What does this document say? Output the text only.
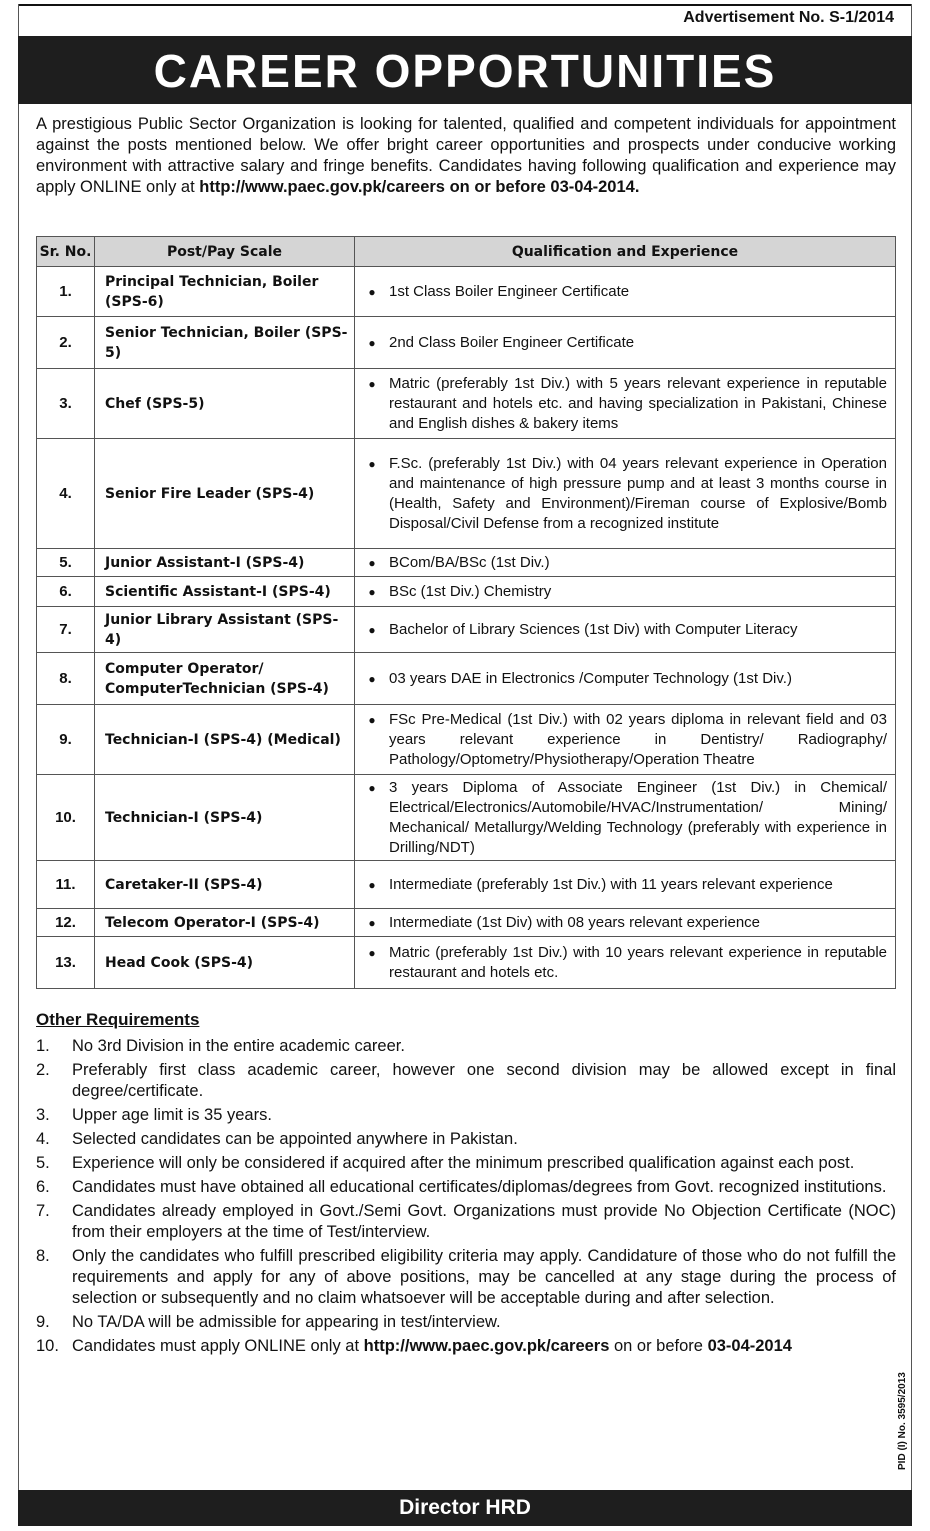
Advertisement No. S-1/2014
CAREER OPPORTUNITIES
A prestigious Public Sector Organization is looking for talented, qualified and competent individuals for appointment against the posts mentioned below. We offer bright career opportunities and prospects under conducive working environment with attractive salary and fringe benefits. Candidates having following qualification and experience may apply ONLINE only at http://www.paec.gov.pk/careers on or before 03-04-2014.
Sr. No.	Post/Pay Scale	Qualification and Experience
1.	Principal Technician, Boiler (SPS-6)	● 1st Class Boiler Engineer Certificate

2.	Senior Technician, Boiler (SPS-5)	● 2nd Class Boiler Engineer Certificate

3.	Chef (SPS-5)	● Matric (preferably 1st Div.) with 5 years relevant experience in reputable restaurant and hotels etc. and having specialization in Pakistani, Chinese and English dishes & bakery items

4.	Senior Fire Leader (SPS-4)	● F.Sc. (preferably 1st Div.) with 04 years relevant experience in Operation and maintenance of high pressure pump and at least 3 months course in (Health, Safety and Environment)/Fireman course of Explosive/Bomb Disposal/Civil Defense from a recognized institute

5.	Junior Assistant-I (SPS-4)	● BCom/BA/BSc (1st Div.)

6.	Scientific Assistant-I (SPS-4)	● BSc (1st Div.) Chemistry

7.	Junior Library Assistant (SPS-4)	● Bachelor of Library Sciences (1st Div) with Computer Literacy

8.	Computer Operator/ ComputerTechnician (SPS-4)	● 03 years DAE in Electronics /Computer Technology (1st Div.)

9.	Technician-I (SPS-4) (Medical)	● FSc Pre-Medical (1st Div.) with 02 years diploma in relevant field and 03 years relevant experience in Dentistry/ Radiography/ Pathology/Optometry/Physiotherapy/Operation Theatre

10.	Technician-I (SPS-4)	● 3 years Diploma of Associate Engineer (1st Div.) in Chemical/ Electrical/Electronics/Automobile/HVAC/Instrumentation/ Mining/ Mechanical/ Metallurgy/Welding Technology (preferably with experience in Drilling/NDT)

11.	Caretaker-II (SPS-4)	● Intermediate (preferably 1st Div.) with 11 years relevant experience

12.	Telecom Operator-I (SPS-4)	● Intermediate (1st Div) with 08 years relevant experience

13.	Head Cook (SPS-4)	● Matric (preferably 1st Div.) with 10 years relevant experience in reputable restaurant and hotels etc.
Other Requirements
1.	No 3rd Division in the entire academic career.
2.	Preferably first class academic career, however one second division may be allowed except in final degree/certificate.
3.	Upper age limit is 35 years.
4.	Selected candidates can be appointed anywhere in Pakistan.
5.	Experience will only be considered if acquired after the minimum prescribed qualification against each post.
6.	Candidates must have obtained all educational certificates/diplomas/degrees from Govt. recognized institutions.
7.	Candidates already employed in Govt./Semi Govt. Organizations must provide No Objection Certificate (NOC) from their employers at the time of Test/interview.
8.	Only the candidates who fulfill prescribed eligibility criteria may apply. Candidature of those who do not fulfill the requirements and apply for any of above positions, may be cancelled at any stage during the process of selection or subsequently and no claim whatsoever will be acceptable during and after selection.
9.	No TA/DA will be admissible for appearing in test/interview.
10. Candidates must apply ONLINE only at http://www.paec.gov.pk/careers on or before 03-04-2014
PID (I) No. 3595/2013
Director HRD
